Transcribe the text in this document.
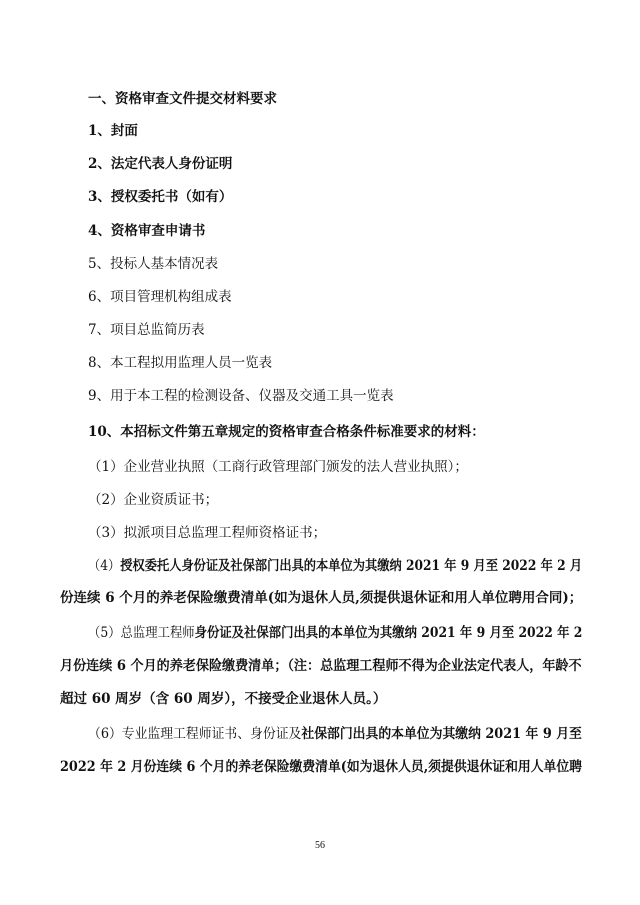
一、资格审查文件提交材料要求
1、封面
2、法定代表人身份证明
3、授权委托书（如有）
4、资格审查申请书
5、投标人基本情况表
6、项目管理机构组成表
7、项目总监简历表
8、本工程拟用监理人员一览表
9、用于本工程的检测设备、仪器及交通工具一览表
10、本招标文件第五章规定的资格审查合格条件标准要求的材料：
（1）企业营业执照（工商行政管理部门颁发的法人营业执照）；
（2）企业资质证书；
（3）拟派项目总监理工程师资格证书；
（4）授权委托人身份证及社保部门出具的本单位为其缴纳 2021 年 9 月至 2022 年 2 月
份连续 6 个月的养老保险缴费清单(如为退休人员,须提供退休证和用人单位聘用合同)；
（5）总监理工程师身份证及社保部门出具的本单位为其缴纳 2021 年 9 月至 2022 年 2
月份连续 6 个月的养老保险缴费清单；（注：总监理工程师不得为企业法定代表人，年龄不
超过 60 周岁（含 60 周岁），不接受企业退休人员。）
（6）专业监理工程师证书、身份证及社保部门出具的本单位为其缴纳 2021 年 9 月至
2022 年 2 月份连续 6 个月的养老保险缴费清单(如为退休人员,须提供退休证和用人单位聘
56
